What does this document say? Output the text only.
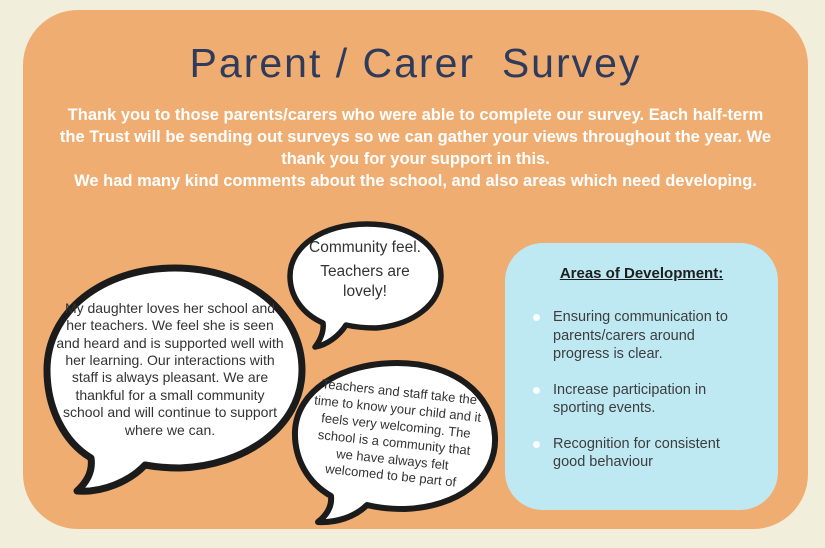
Parent / Carer  Survey

Thank you to those parents/carers who were able to complete our survey. Each half-term the Trust will be sending out surveys so we can gather your views throughout the year. We thank you for your support in this.

We had many kind comments about the school, and also areas which need developing.

My daughter loves her school and her teachers. We feel she is seen and heard and is supported well with her learning. Our interactions with staff is always pleasant. We are thankful for a small community school and will continue to support where we can.

Community feel.

Teachers are lovely!

Teachers and staff take the time to know your child and it feels very welcoming. The school is a community that we have always felt welcomed to be part of
Areas of Development:
Ensuring communication to parents/carers around progress is clear.
Increase participation in sporting events.
Recognition for consistent good behaviour
